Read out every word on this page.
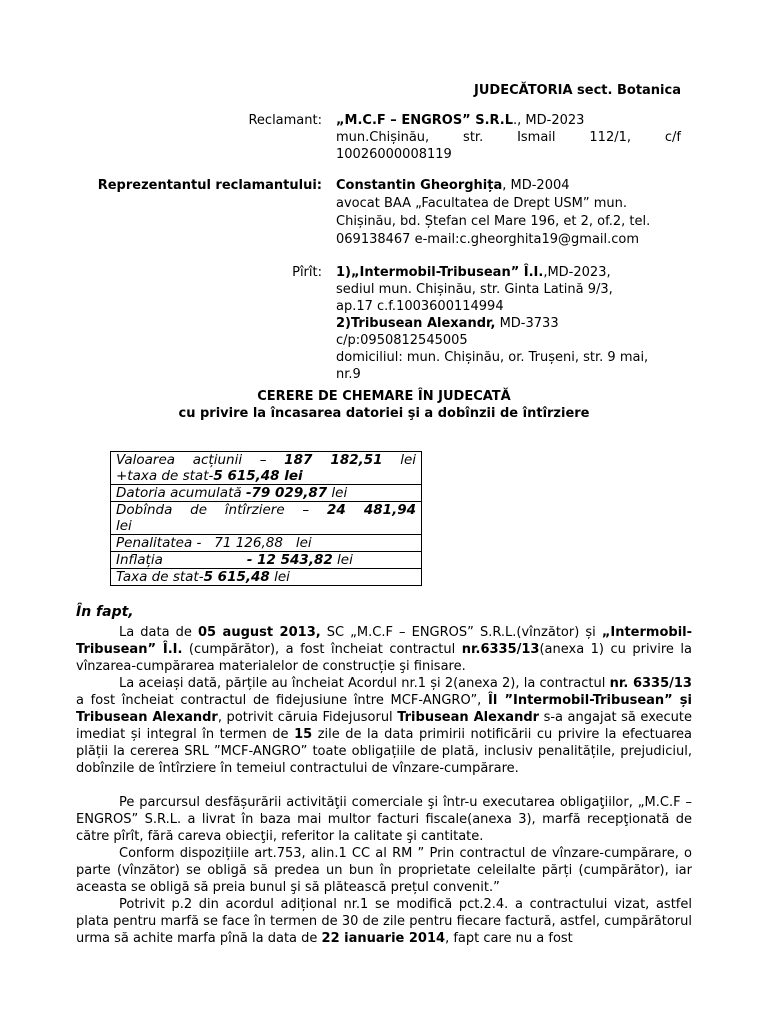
JUDECĂTORIA sect. Botanica
Reclamant: „M.C.F – ENGROS” S.R.L., MD-2023
mun.Chișinău, str. Ismail 112/1, c/f
10026000008119
Reprezentantul reclamantului: Constantin Gheorghița, MD-2004
avocat BAA „Facultatea de Drept USM” mun.
Chișinău, bd. Ștefan cel Mare 196, et 2, of.2, tel.
069138467 e-mail:c.gheorghita19@gmail.com
Pîrît: 1)„Intermobil-Tribusean” Î.I.,MD-2023,
sediul mun. Chișinău, str. Ginta Latină 9/3,
ap.17 c.f.1003600114994
2)Tribusean Alexandr, MD-3733
c/p:0950812545005
domiciliul: mun. Chișinău, or. Trușeni, str. 9 mai,
nr.9
CERERE DE CHEMARE ÎN JUDECATĂ
cu privire la încasarea datoriei şi a dobînzii de întîrziere
Valoarea acțiunii – 187 182,51 lei
+taxa de stat-5 615,48 lei

Datoria acumulată -79 029,87 lei

Dobînda de întîrziere – 24 481,94
lei

Penalitatea -   71 126,88   lei
Inflația	- 12 543,82 lei
Taxa de stat-5 615,48 lei
În fapt,

La data de 05 august 2013, SC „M.C.F – ENGROS” S.R.L.(vînzător) și „Intermobil-Tribusean” Î.I. (cumpărător), a fost încheiat contractul nr.6335/13(anexa 1) cu privire la vînzarea-cumpărarea materialelor de construcție şi finisare.

La aceiași dată, părțile au încheiat Acordul nr.1 și 2(anexa 2), la contractul nr. 6335/13 a fost încheiat contractul de fidejusiune între MCF-ANGRO”, Îl ”Intermobil-Tribusean” și Tribusean Alexandr, potrivit căruia Fidejusorul Tribusean Alexandr s-a angajat să execute imediat și integral în termen de 15 zile de la data primirii notificării cu privire la efectuarea plății la cererea SRL ”MCF-ANGRO” toate obligațiile de plată, inclusiv penalitățile, prejudiciul, dobînzile de întîrziere în temeiul contractului de vînzare-cumpărare.

Pe parcursul desfășurării activităţii comerciale şi într-u executarea obligaţiilor, „M.C.F – ENGROS” S.R.L. a livrat în baza mai multor facturi fiscale(anexa 3), marfă recepţionată de către pîrît, fără careva obiecţii, referitor la calitate şi cantitate.

Conform dispozițiile art.753, alin.1 CC al RM ” Prin contractul de vînzare-cumpărare, o parte (vînzător) se obligă să predea un bun în proprietate celeilalte părți (cumpărător), iar aceasta se obligă să preia bunul şi să plătească prețul convenit.”

Potrivit p.2 din acordul adițional nr.1 se modifică pct.2.4. a contractului vizat, astfel plata pentru marfă se face în termen de 30 de zile pentru fiecare factură, astfel, cumpărătorul urma să achite marfa pînă la data de 22 ianuarie 2014, fapt care nu a fost
